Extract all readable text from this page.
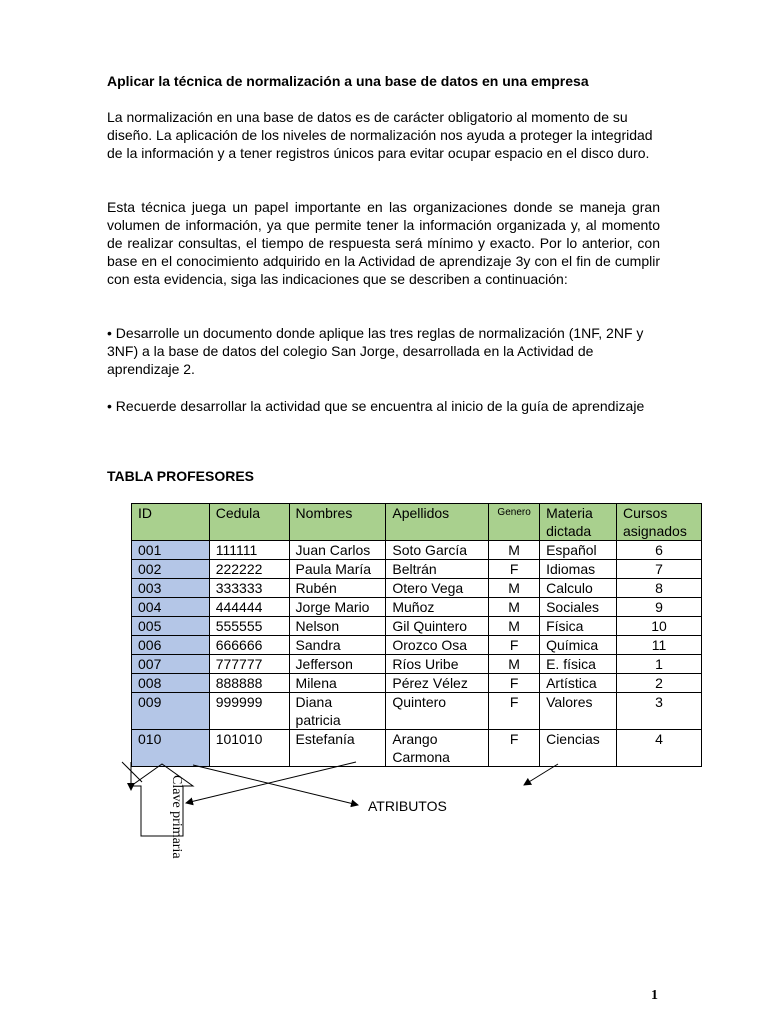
Aplicar la técnica de normalización a una base de datos en una empresa

La normalización en una base de datos es de carácter obligatorio al momento de su diseño. La aplicación de los niveles de normalización nos ayuda a proteger la integridad de la información y a tener registros únicos para evitar ocupar espacio en el disco duro.

Esta técnica juega un papel importante en las organizaciones donde se maneja gran volumen de información, ya que permite tener la información organizada y, al momento de realizar consultas, el tiempo de respuesta será mínimo y exacto. Por lo anterior, con base en el conocimiento adquirido en la Actividad de aprendizaje 3y con el fin de cumplir con esta evidencia, siga las indicaciones que se describen a continuación:

• Desarrolle un documento donde aplique las tres reglas de normalización (1NF, 2NF y 3NF) a la base de datos del colegio San Jorge, desarrollada en la Actividad de aprendizaje 2.

• Recuerde desarrollar la actividad que se encuentra al inicio de la guía de aprendizaje

TABLA PROFESORES
ID	Cedula	Nombres	Apellidos	Genero	Materia dictada	Cursos asignados
001	111111	Juan Carlos	Soto García	M	Español	6
002	222222	Paula María	Beltrán	F	Idiomas	7
003	333333	Rubén	Otero Vega	M	Calculo	8
004	444444	Jorge Mario	Muñoz	M	Sociales	9
005	555555	Nelson	Gil Quintero	M	Física	10
006	666666	Sandra	Orozco Osa	F	Química	11
007	777777	Jefferson	Ríos Uribe	M	E. física	1
008	888888	Milena	Pérez Vélez	F	Artística	2
009	999999	Diana patricia	Quintero	F	Valores	3
010	101010	Estefanía	Arango Carmona	F	Ciencias	4
Clave primaria	ATRIBUTOS
1
